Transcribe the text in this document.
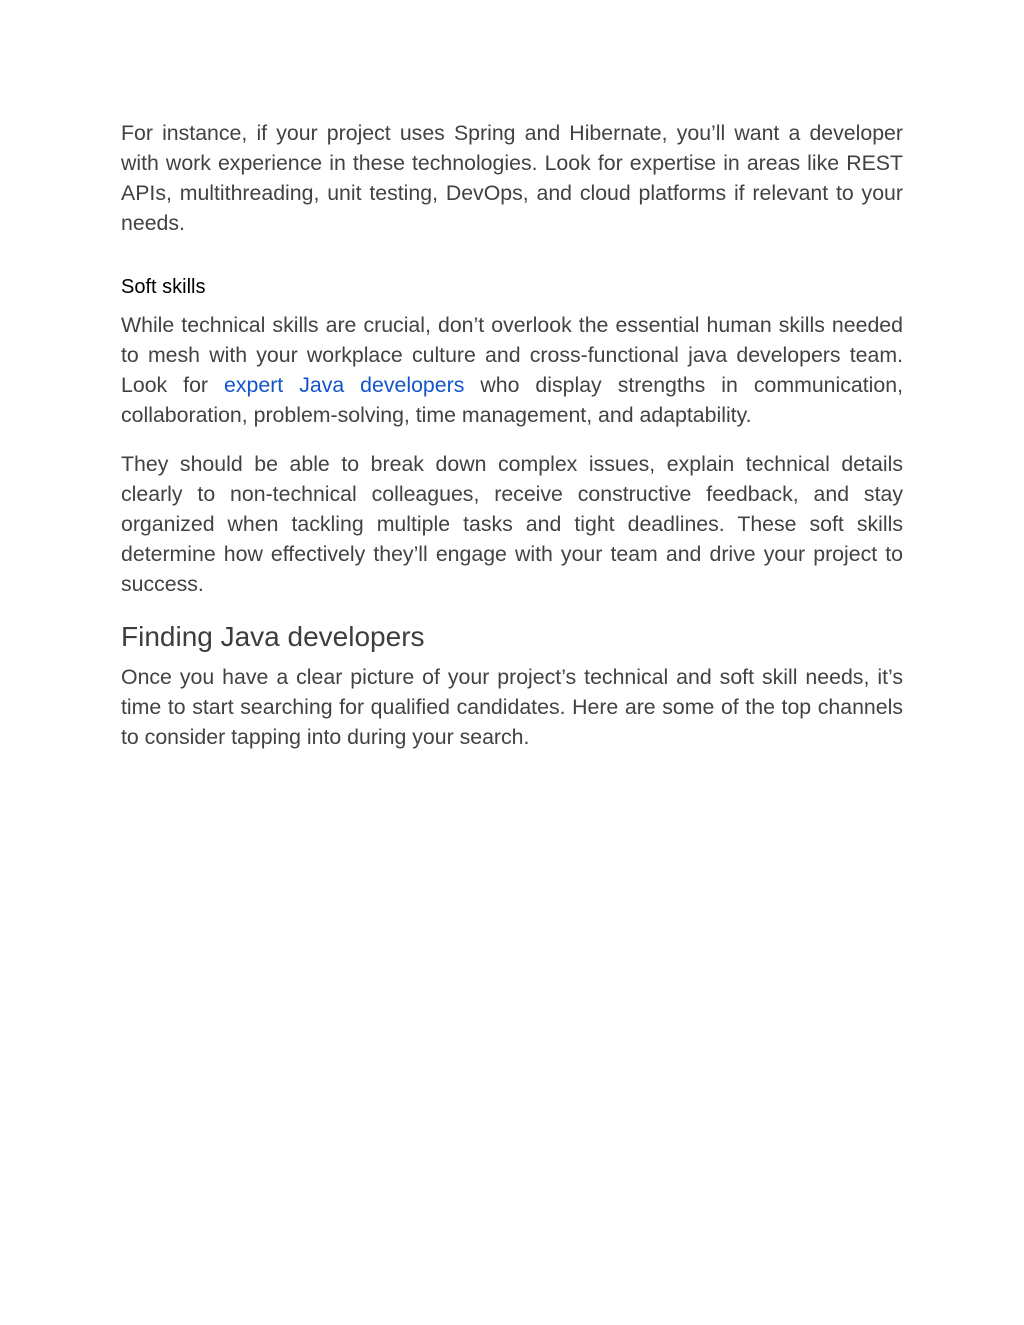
For instance, if your project uses Spring and Hibernate, you’ll want a developer with work experience in these technologies. Look for expertise in areas like REST APIs, multithreading, unit testing, DevOps, and cloud platforms if relevant to your needs.

Soft skills

While technical skills are crucial, don’t overlook the essential human skills needed to mesh with your workplace culture and cross-functional java developers team. Look for expert Java developers who display strengths in communication, collaboration, problem-solving, time management, and adaptability.

They should be able to break down complex issues, explain technical details clearly to non-technical colleagues, receive constructive feedback, and stay organized when tackling multiple tasks and tight deadlines. These soft skills determine how effectively they’ll engage with your team and drive your project to success.

Finding Java developers

Once you have a clear picture of your project’s technical and soft skill needs, it’s time to start searching for qualified candidates. Here are some of the top channels to consider tapping into during your search.
